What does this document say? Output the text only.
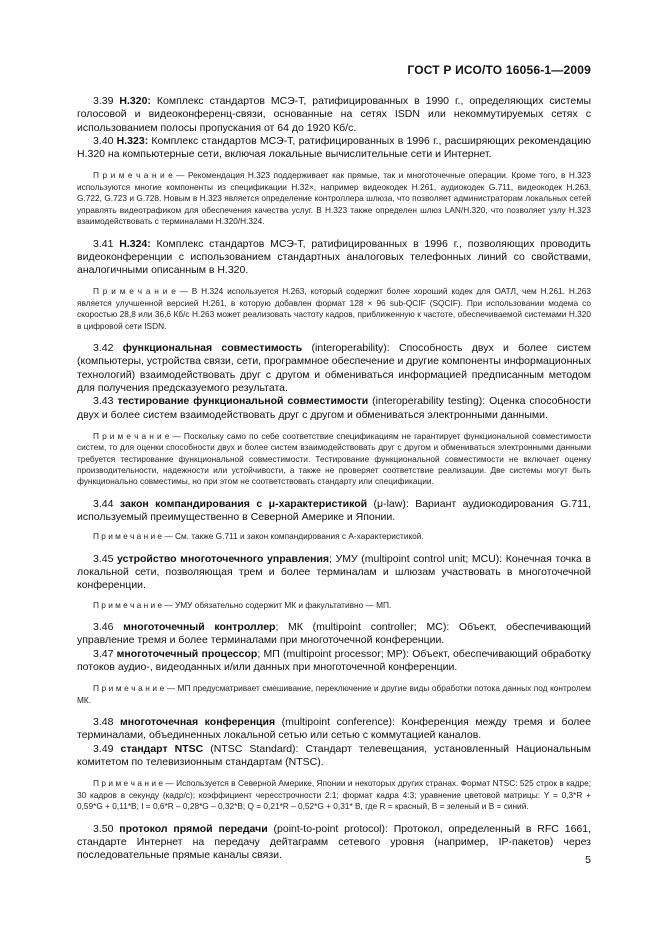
ГОСТ Р ИСО/ТО 16056-1—2009

3.39 H.320: Комплекс стандартов МСЭ-Т, ратифицированных в 1990 г., определяющих системы голосовой и видеоконференц-связи, основанные на сетях ISDN или некоммутируемых сетях с использованием полосы пропускания от 64 до 1920 Кб/с.

3.40 H.323: Комплекс стандартов МСЭ-Т, ратифицированных в 1996 г., расширяющих рекомендацию H.320 на компьютерные сети, включая локальные вычислительные сети и Интернет.

П р и м е ч а н и е — Рекомендация H.323 поддерживает как прямые, так и многоточечные операции. Кроме того, в H.323 используются многие компоненты из спецификации H.32×, например видеокодек H.261, аудиокодек G.711, видеокодек H.263, G.722, G.723 и G.728. Новым в H.323 является определение контроллера шлюза, что позволяет администраторам локальных сетей управлять видеотрафиком для обеспечения качества услуг. В H.323 также определен шлюз LAN/H.320, что позволяет узлу H.323 взаимодействовать с терминалами H.320/H.324.

3.41 H.324: Комплекс стандартов МСЭ-Т, ратифицированных в 1996 г., позволяющих проводить видеоконференции с использованием стандартных аналоговых телефонных линий со свойствами, аналогичными описанным в H.320.

П р и м е ч а н и е — В H.324 используется H.263, который содержит более хороший кодек для ОАТЛ, чем H.261. H.263 является улучшенной версией H.261, в которую добавлен формат 128 × 96 sub-QCIF (SQCIF). При использовании модема со скоростью 28,8 или 36,6 Кб/с H.263 может реализовать частоту кадров, приближенную к частоте, обеспечиваемой системами H.320 в цифровой сети ISDN.

3.42 функциональная совместимость (interoperability): Способность двух и более систем (компьютеры, устройства связи, сети, программное обеспечение и другие компоненты информационных технологий) взаимодействовать друг с другом и обмениваться информацией предписанным методом для получения предсказуемого результата.

3.43 тестирование функциональной совместимости (interoperability testing): Оценка способности двух и более систем взаимодействовать друг с другом и обмениваться электронными данными.

П р и м е ч а н и е — Поскольку само по себе соответствие спецификациям не гарантирует функциональной совместимости систем, то для оценки способности двух и более систем взаимодействовать друг с другом и обмениваться электронными данными требуется тестирование функциональной совместимости. Тестирование функциональной совместимости не включает оценку производительности, надежности или устойчивости, а также не проверяет соответствие реализации. Две системы могут быть функционально совместимы, но при этом не соответствовать стандарту или спецификации.

3.44 закон компандирования с μ-характеристикой (μ-law): Вариант аудиокодирования G.711, используемый преимущественно в Северной Америке и Японии.

П р и м е ч а н и е — См. также G.711 и закон компандирования с А-характеристикой.

3.45 устройство многоточечного управления; УМУ (multipoint control unit; MCU): Конечная точка в локальной сети, позволяющая трем и более терминалам и шлюзам участвовать в многоточечной конференции.

П р и м е ч а н и е — УМУ обязательно содержит МК и факультативно — МП.

3.46 многоточечный контроллер; МК (multipoint controller; MC): Объект, обеспечивающий управление тремя и более терминалами при многоточечной конференции.

3.47 многоточечный процессор; МП (multipoint processor; MP): Объект, обеспечивающий обработку потоков аудио-, видеоданных и/или данных при многоточечной конференции.

П р и м е ч а н и е — МП предусматривает смешивание, переключение и другие виды обработки потока данных под контролем МК.

3.48 многоточечная конференция (multipoint conference): Конференция между тремя и более терминалами, объединенных локальной сетью или сетью с коммутацией каналов.

3.49 стандарт NTSC (NTSC Standard): Стандарт телевещания, установленный Национальным комитетом по телевизионным стандартам (NTSC).

П р и м е ч а н и е — Используется в Северной Америке, Японии и некоторых других странах. Формат NTSC: 525 строк в кадре; 30 кадров в секунду (кадр/с); коэффициент чересстрочности 2:1; формат кадра 4:3; уравнение цветовой матрицы: Y = 0,3*R + 0,59*G + 0,11*B; I = 0,6*R – 0,28*G – 0,32*B; Q = 0,21*R – 0,52*G + 0,31* B, где R = красный, B = зеленый и B = синий.

3.50 протокол прямой передачи (point-to-point protocol): Протокол, определенный в RFC 1661, стандарте Интернет на передачу дейтаграмм сетевого уровня (например, IP-пакетов) через последовательные прямые каналы связи.	5
